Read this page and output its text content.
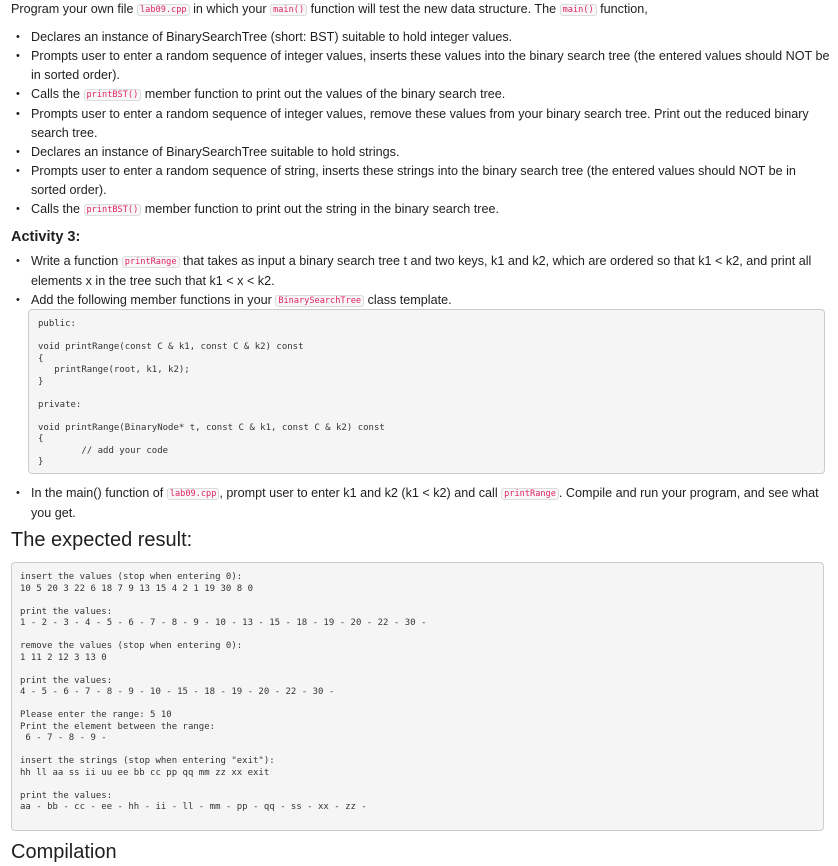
Program your own file lab09.cpp in which your main() function will test the new data structure. The main() function,
• Declares an instance of BinarySearchTree (short: BST) suitable to hold integer values.
• Prompts user to enter a random sequence of integer values, inserts these values into the binary search tree (the entered values should NOT be in sorted order).
• Calls the printBST() member function to print out the values of the binary search tree.
• Prompts user to enter a random sequence of integer values, remove these values from your binary search tree. Print out the reduced binary search tree.
• Declares an instance of BinarySearchTree suitable to hold strings.
• Prompts user to enter a random sequence of string, inserts these strings into the binary search tree (the entered values should NOT be in sorted order).
• Calls the printBST() member function to print out the string in the binary search tree.
Activity 3:
• Write a function printRange that takes as input a binary search tree t and two keys, k1 and k2, which are ordered so that k1 < k2, and print all elements x in the tree such that k1 < x < k2.
• Add the following member functions in your BinarySearchTree class template.
public:
void printRange(const C & k1, const C & k2) const
{
printRange(root, k1, k2);
}
private:
void printRange(BinaryNode* t, const C & k1, const C & k2) const
{
// add your code
}
• In the main() function of lab09.cpp , prompt user to enter k1 and k2 (k1 < k2) and call printRange . Compile and run your program, and see what you get.
The expected result:
insert the values (stop when entering 0):
10 5 20 3 22 6 18 7 9 13 15 4 2 1 19 30 8 0
print the values:
1 - 2 - 3 - 4 - 5 - 6 - 7 - 8 - 9 - 10 - 13 - 15 - 18 - 19 - 20 - 22 - 30 -
remove the values (stop when entering 0):
1 11 2 12 3 13 0
print the values:
4 - 5 - 6 - 7 - 8 - 9 - 10 - 15 - 18 - 19 - 20 - 22 - 30 -
Please enter the range: 5 10
Print the element between the range:
6 - 7 - 8 - 9 -
insert the strings (stop when entering "exit"):
hh ll aa ss ii uu ee bb cc pp qq mm zz xx exit
print the values:
aa - bb - cc - ee - hh - ii - ll - mm - pp - qq - ss - xx - zz -
Compilation
